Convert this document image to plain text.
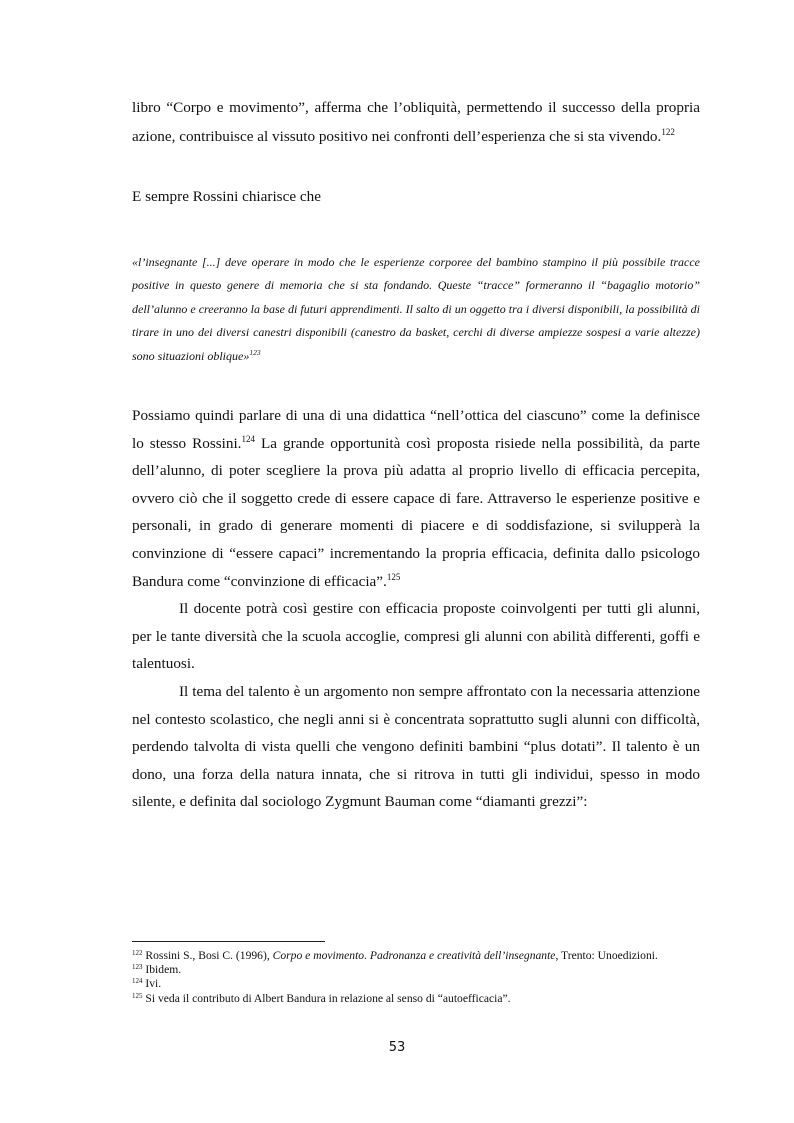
libro “Corpo e movimento”, afferma che l’obliquità, permettendo il successo della propria azione, contribuisce al vissuto positivo nei confronti dell’esperienza che si sta vivendo.$^{122}$

E sempre Rossini chiarisce che

«l’insegnante [...] deve operare in modo che le esperienze corporee del bambino stampino il più possibile tracce positive in questo genere di memoria che si sta fondando. Queste “tracce” formeranno il “bagaglio motorio” dell’alunno e creeranno la base di futuri apprendimenti. Il salto di un oggetto tra i diversi disponibili, la possibilità di tirare in uno dei diversi canestri disponibili (canestro da basket, cerchi di diverse ampiezze sospesi a varie altezze) sono situazioni oblique»$^{123}$

Possiamo quindi parlare di una di una didattica “nell’ottica del ciascuno” come la definisce lo stesso Rossini.$^{124}$ La grande opportunità così proposta risiede nella possibilità, da parte dell’alunno, di poter scegliere la prova più adatta al proprio livello di efficacia percepita, ovvero ciò che il soggetto crede di essere capace di fare. Attraverso le esperienze positive e personali, in grado di generare momenti di piacere e di soddisfazione, si svilupperà la convinzione di “essere capaci” incrementando la propria efficacia, definita dallo psicologo Bandura come “convinzione di efficacia”.$^{125}$

Il docente potrà così gestire con efficacia proposte coinvolgenti per tutti gli alunni, per le tante diversità che la scuola accoglie, compresi gli alunni con abilità differenti, goffi e talentuosi.

Il tema del talento è un argomento non sempre affrontato con la necessaria attenzione nel contesto scolastico, che negli anni si è concentrata soprattutto sugli alunni con difficoltà, perdendo talvolta di vista quelli che vengono definiti bambini “plus dotati”. Il talento è un dono, una forza della natura innata, che si ritrova in tutti gli individui, spesso in modo silente, e definita dal sociologo Zygmunt Bauman come “diamanti grezzi”:

$^{122}$ Rossini S., Bosi C. (1996), Corpo e movimento. Padronanza e creatività dell’insegnante, Trento: Unoedizioni.

$^{123}$ Ibidem.

$^{124}$ Ivi.

$^{125}$ Si veda il contributo di Albert Bandura in relazione al senso di “autoefficacia”.

53
